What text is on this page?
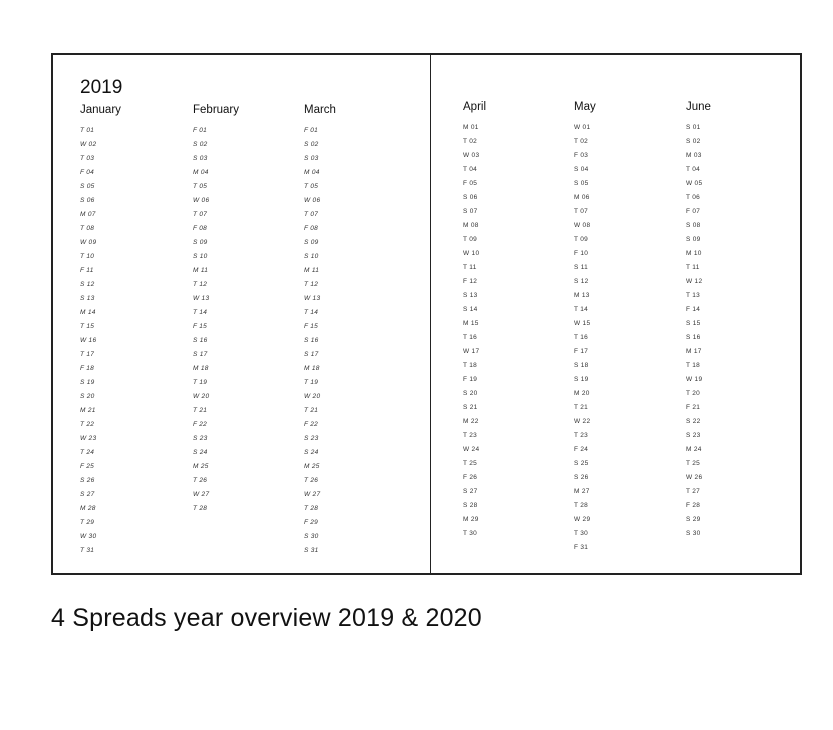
2019
January
T 01
W 02
T 03
F 04
S 05
S 06
M 07
T 08
W 09
T 10
F 11
S 12
S 13
M 14
T 15
W 16
T 17
F 18
S 19
S 20
M 21
T 22
W 23
T 24
F 25
S 26
S 27
M 28
T 29
W 30
T 31
February
F 01
S 02
S 03
M 04
T 05
W 06
T 07
F 08
S 09
S 10
M 11
T 12
W 13
T 14
F 15
S 16
S 17
M 18
T 19
W 20
T 21
F 22
S 23
S 24
M 25
T 26
W 27
T 28
March
F 01
S 02
S 03
M 04
T 05
W 06
T 07
F 08
S 09
S 10
M 11
T 12
W 13
T 14
F 15
S 16
S 17
M 18
T 19
W 20
T 21
F 22
S 23
S 24
M 25
T 26
W 27
T 28
F 29
S 30
S 31
April
M 01
T 02
W 03
T 04
F 05
S 06
S 07
M 08
T 09
W 10
T 11
F 12
S 13
S 14
M 15
T 16
W 17
T 18
F 19
S 20
S 21
M 22
T 23
W 24
T 25
F 26
S 27
S 28
M 29
T 30
May
W 01
T 02
F 03
S 04
S 05
M 06
T 07
W 08
T 09
F 10
S 11
S 12
M 13
T 14
W 15
T 16
F 17
S 18
S 19
M 20
T 21
W 22
T 23
F 24
S 25
S 26
M 27
T 28
W 29
T 30
F 31
June
S 01
S 02
M 03
T 04
W 05
T 06
F 07
S 08
S 09
M 10
T 11
W 12
T 13
F 14
S 15
S 16
M 17
T 18
W 19
T 20
F 21
S 22
S 23
M 24
T 25
W 26
T 27
F 28
S 29
S 30
4 Spreads year overview 2019 & 2020
